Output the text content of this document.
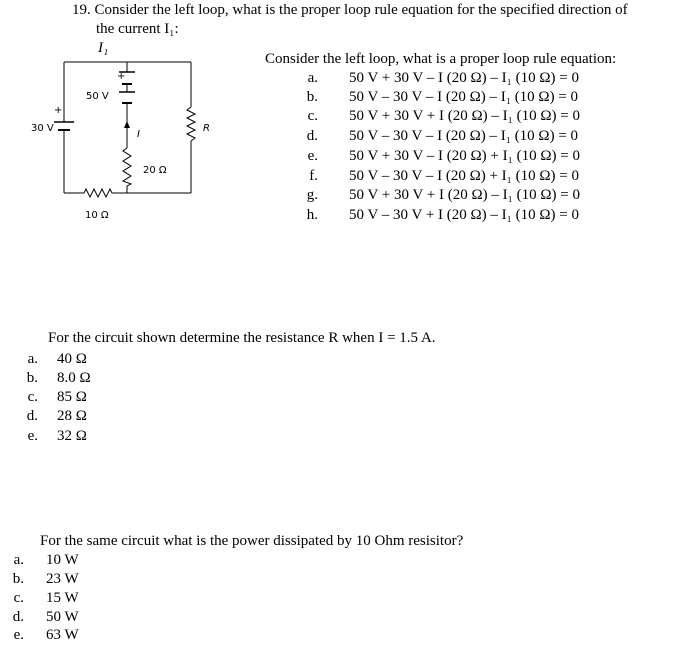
19. Consider the left loop, what is the proper loop rule equation for the specified direction of
the current I₁:
I₁
30 V
50 V
10 Ω
20 Ω
R
I
+
+
Consider the left loop, what is a proper loop rule equation:
a. 50 V + 30 V – I (20 Ω) – I₁ (10 Ω) = 0
b. 50 V – 30 V – I (20 Ω) – I₁ (10 Ω) = 0
c. 50 V + 30 V + I (20 Ω) – I₁ (10 Ω) = 0
d. 50 V – 30 V – I (20 Ω) – I₁ (10 Ω) = 0
e. 50 V + 30 V – I (20 Ω) + I₁ (10 Ω) = 0
f. 50 V – 30 V – I (20 Ω) + I₁ (10 Ω) = 0
g. 50 V + 30 V + I (20 Ω) – I₁ (10 Ω) = 0
h. 50 V – 30 V + I (20 Ω) – I₁ (10 Ω) = 0
For the circuit shown determine the resistance R when I = 1.5 A.
a. 40 Ω
b. 8.0 Ω
c. 85 Ω
d. 28 Ω
e. 32 Ω
For the same circuit what is the power dissipated by 10 Ohm resisitor?
a. 10 W
b. 23 W
c. 15 W
d. 50 W
e. 63 W
